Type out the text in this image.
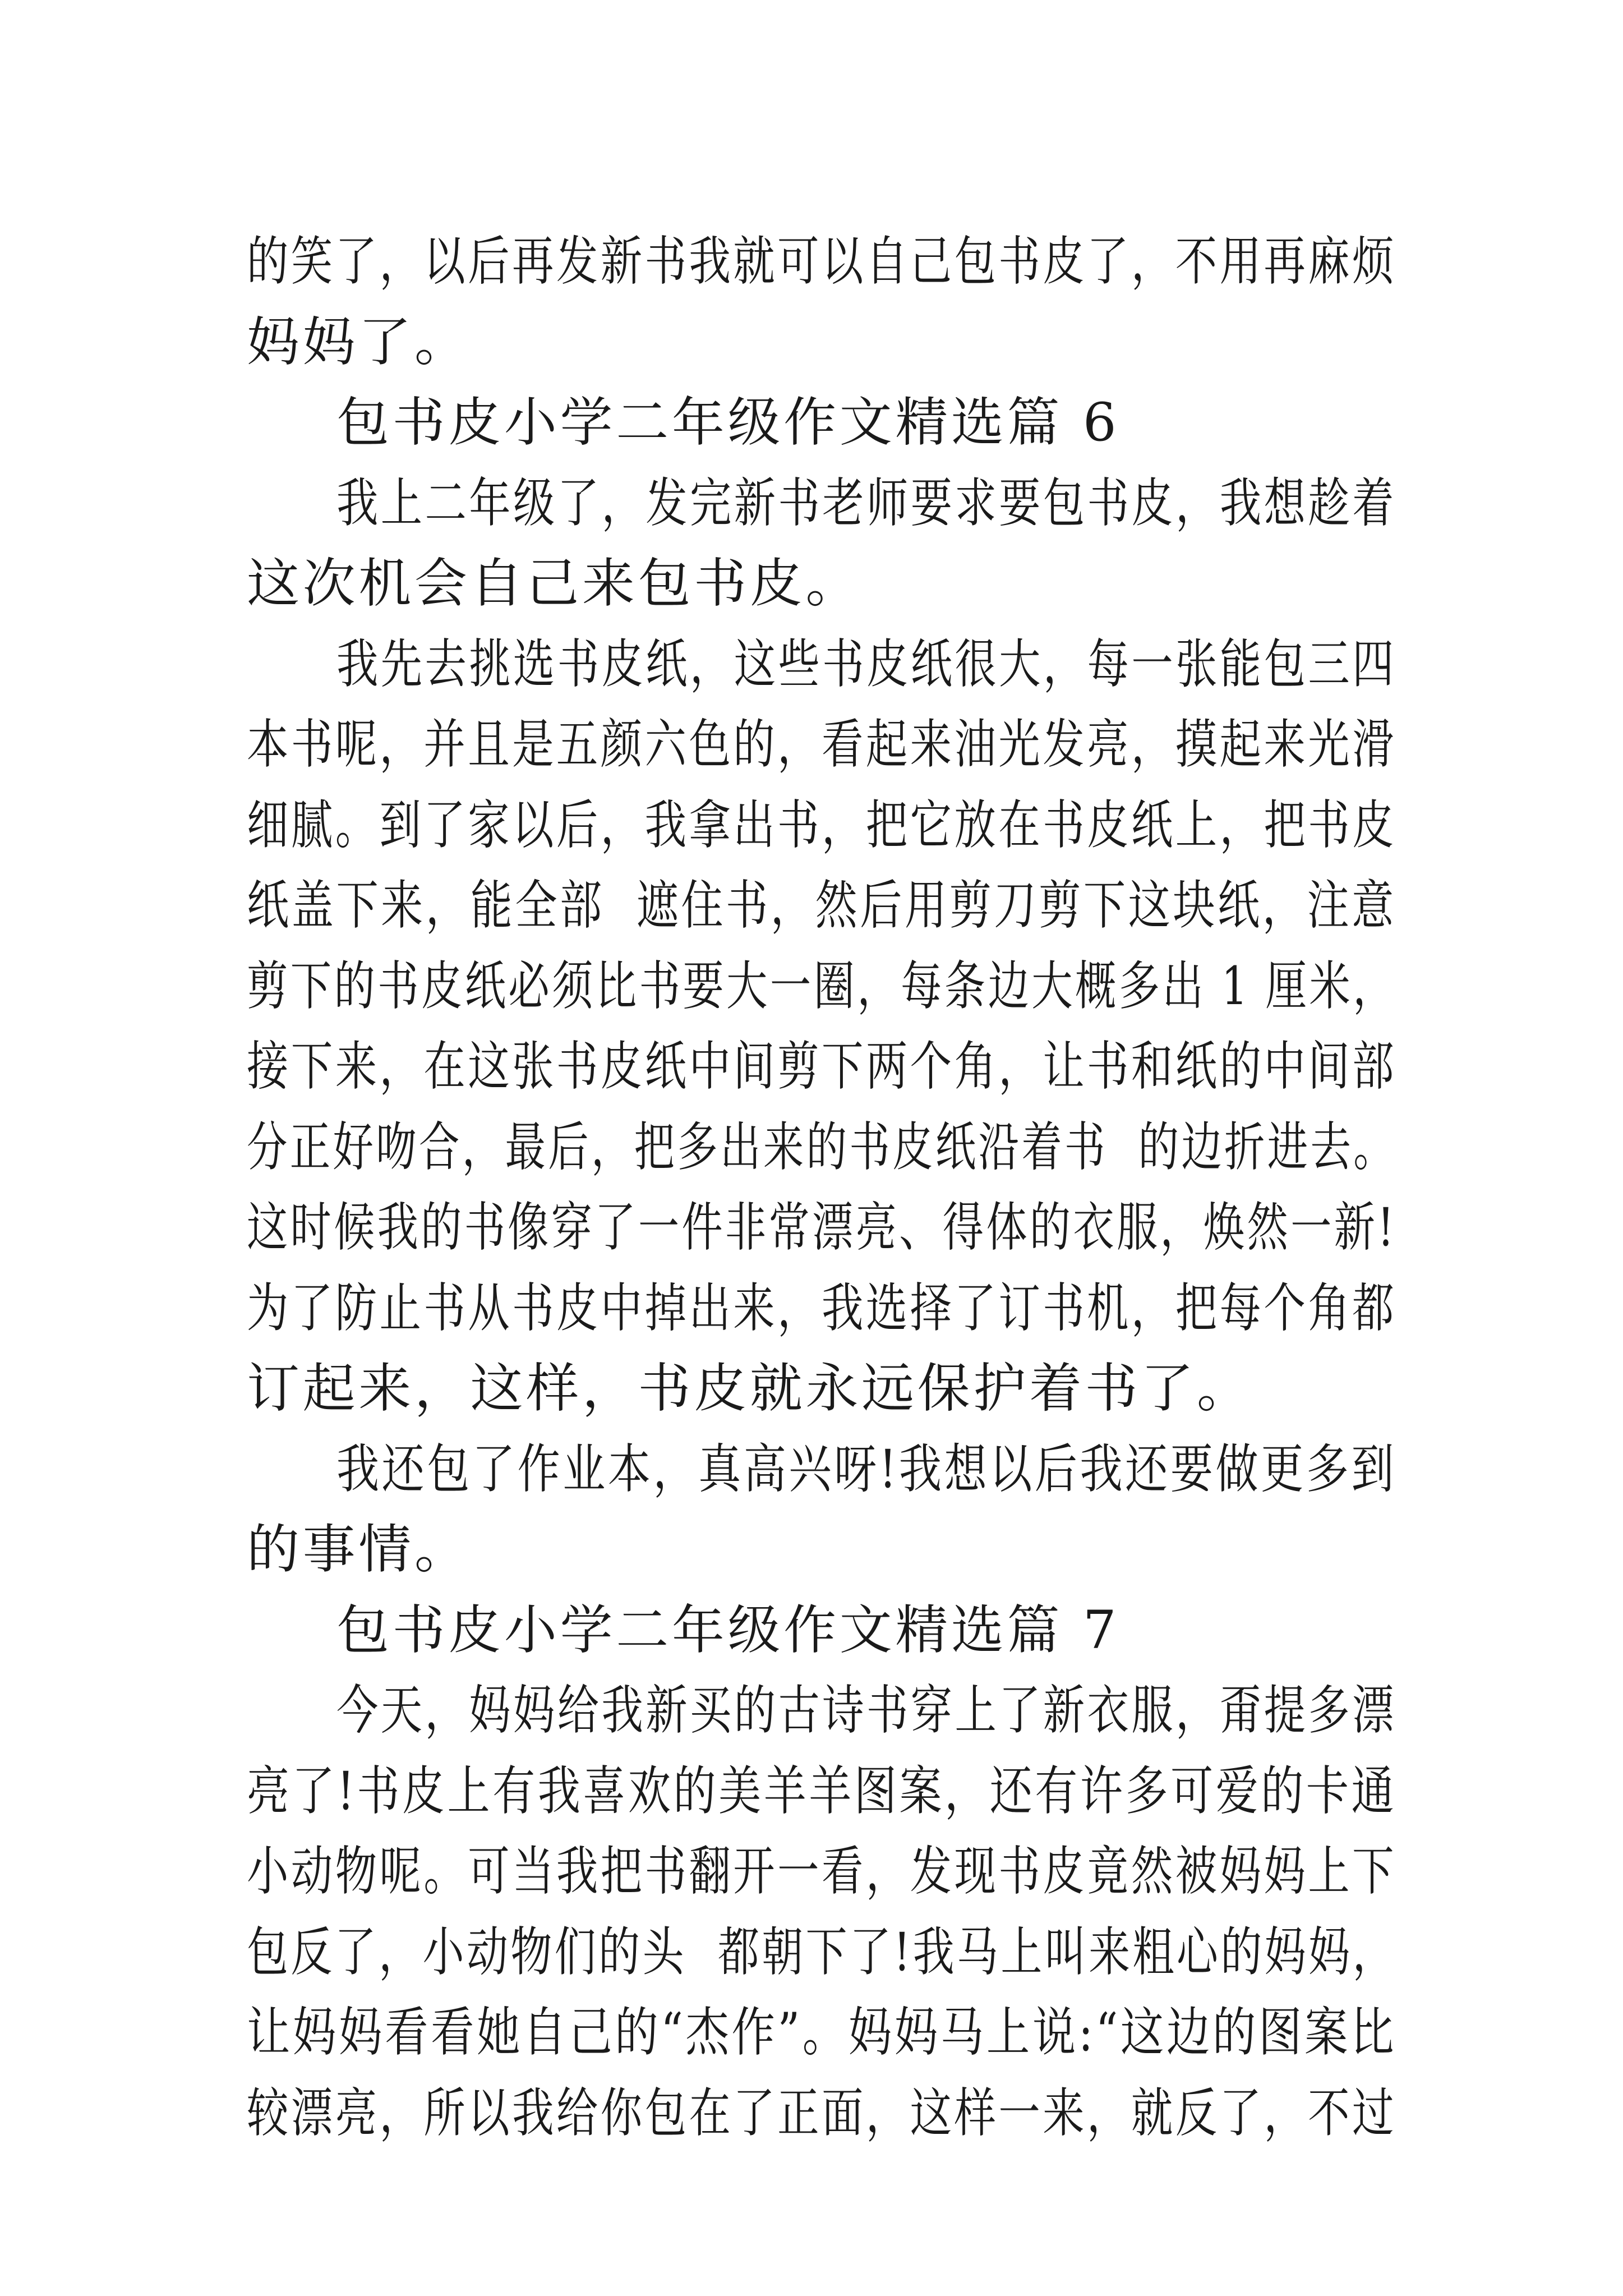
的笑了，以后再发新书我就可以自己包书皮了，不用再麻烦
妈妈了。
包书皮小学二年级作文精选篇 6
我上二年级了，发完新书老师要求要包书皮，我想趁着
这次机会自己来包书皮。
我先去挑选书皮纸，这些书皮纸很大，每一张能包三四
本书呢，并且是五颜六色的，看起来油光发亮，摸起来光滑
细腻。到了家以后，我拿出书，把它放在书皮纸上，把书皮
纸盖下来，能全部  遮住书，然后用剪刀剪下这块纸，注意
剪下的书皮纸必须比书要大一圈，每条边大概多出 1 厘米，
接下来，在这张书皮纸中间剪下两个角，让书和纸的中间部
分正好吻合，最后，把多出来的书皮纸沿着书  的边折进去。
这时候我的书像穿了一件非常漂亮、得体的衣服，焕然一新!
为了防止书从书皮中掉出来，我选择了订书机，把每个角都
订起来，这样，书皮就永远保护着书了。
我还包了作业本，真高兴呀!我想以后我还要做更多到
的事情。
包书皮小学二年级作文精选篇 7
今天，妈妈给我新买的古诗书穿上了新衣服，甭提多漂
亮了!书皮上有我喜欢的美羊羊图案，还有许多可爱的卡通
小动物呢。可当我把书翻开一看，发现书皮竟然被妈妈上下
包反了，小动物们的头  都朝下了!我马上叫来粗心的妈妈，
让妈妈看看她自己的“杰作”。妈妈马上说:“这边的图案比
较漂亮，所以我给你包在了正面，这样一来，就反了，不过
